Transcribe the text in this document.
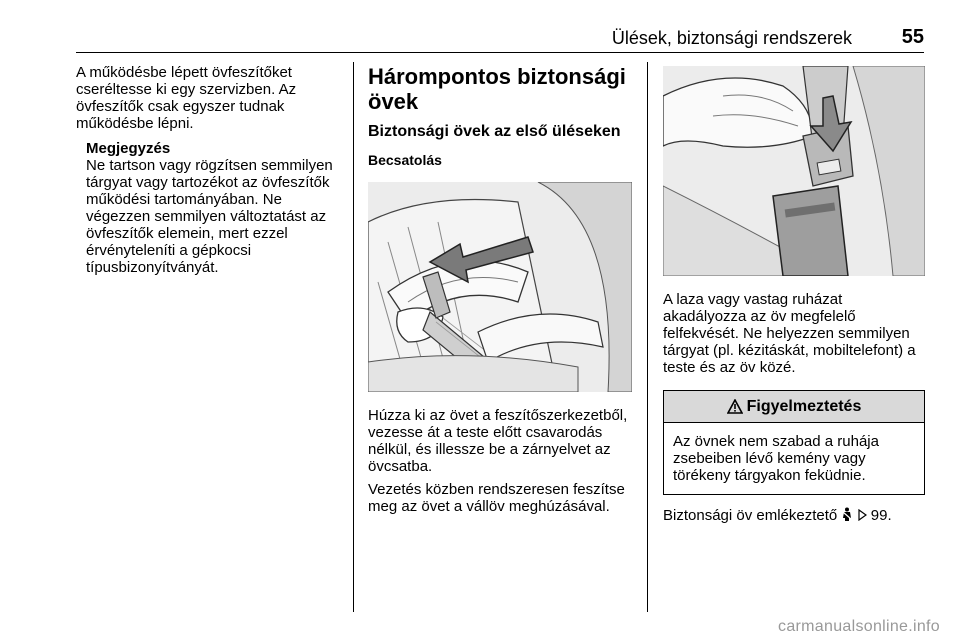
Ülések, biztonsági rendszerek 55

A működésbe lépett övfeszítőket cseréltesse ki egy szervizben. Az övfeszítők csak egyszer tudnak működésbe lépni.

Megjegyzés

Ne tartson vagy rögzítsen semmilyen tárgyat vagy tartozékot az övfeszítők működési tartományában. Ne végezzen semmilyen változtatást az övfeszítők elemein, mert ezzel érvényteleníti a gépkocsi típusbizonyítványát.

Hárompontos biztonsági övek
Biztonsági övek az első üléseken
Becsatolás

Húzza ki az övet a feszítőszerkezetből, vezesse át a teste előtt csavarodás nélkül, és illessze be a zárnyelvet az övcsatba.

Vezetés közben rendszeresen feszítse meg az övet a vállöv meghúzásával.

A laza vagy vastag ruházat akadályozza az öv megfelelő felfekvését. Ne helyezzen semmilyen tárgyat (pl. kézitáskát, mobiltelefont) a teste és az öv közé.

Figyelmeztetés
Az övnek nem szabad a ruhája zsebeiben lévő kemény vagy törékeny tárgyakon feküdnie.

Biztonsági öv emlékeztető 99.

carmanualsonline.info
